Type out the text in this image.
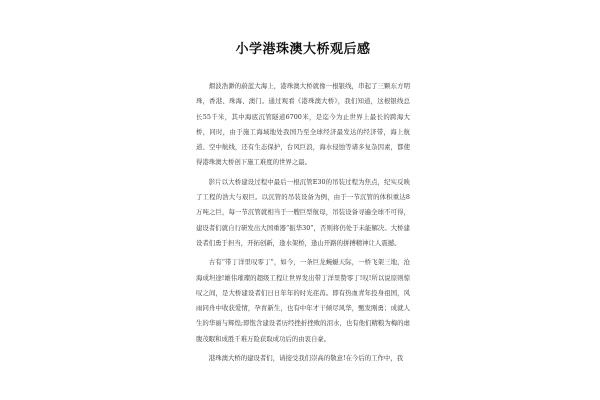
小学港珠澳大桥观后感

烟波浩渺的蔚蓝大海上，港珠澳大桥就像一根银线，串起了三颗东方明珠，香港、珠海、澳门。通过观看《港珠澳大桥》，我们知道，这根银线总长55千米，其中海底沉管隧道6700米，是迄今为止世界上最长的跨海大桥，同时，由于施工海域地处我国乃至全球经济最发达的经济带，海上航道、空中航线，还有生态保护，台风巨浪，海水侵蚀等诸多复杂因素，都使得港珠澳大桥创下施工难度的世界之最。

影片以大桥建设过程中最后一根沉管E30的吊装过程为焦点，纪实反映了工程的浩大与艰巨。以沉管的吊装设备为例，由于一节沉管的体积重达8万吨之巨，每一节沉管就相当于一艘巨型航母，吊装设备寻遍全球不可得，建设者们就自行研发出大国重器“振华30”，否则将仍处于未能解决。大桥建设者们勇于担当，开拓创新，逢水架桥，逢山开路的拼搏精神让人震撼。

古有“带丁洋里叹零丁”，如今，一条巨龙蜿蜒天际，一桥飞架三地，沧海成坦途!雄伟璀璨的超级工程让世界发出带丁洋里赞零丁!叹!所以说原则惊叹之间，是大桥建设者们日日年年的时光荏苒。即有热血青年投身祖国，风雨同舟中收获爱情，孕育新生，也有中年才干倾尽风华，甄发刚勇；成就人生的华丽与辉煌;即饱含建设者历经挫折挫败的泪水，也有他们精粮为梅的虐腹茂眠和成胜千难万险获取成功后的由衷自豪。

港珠澳大桥的建设者们，请接受我们崇高的敬意!在今后的工作中，我
